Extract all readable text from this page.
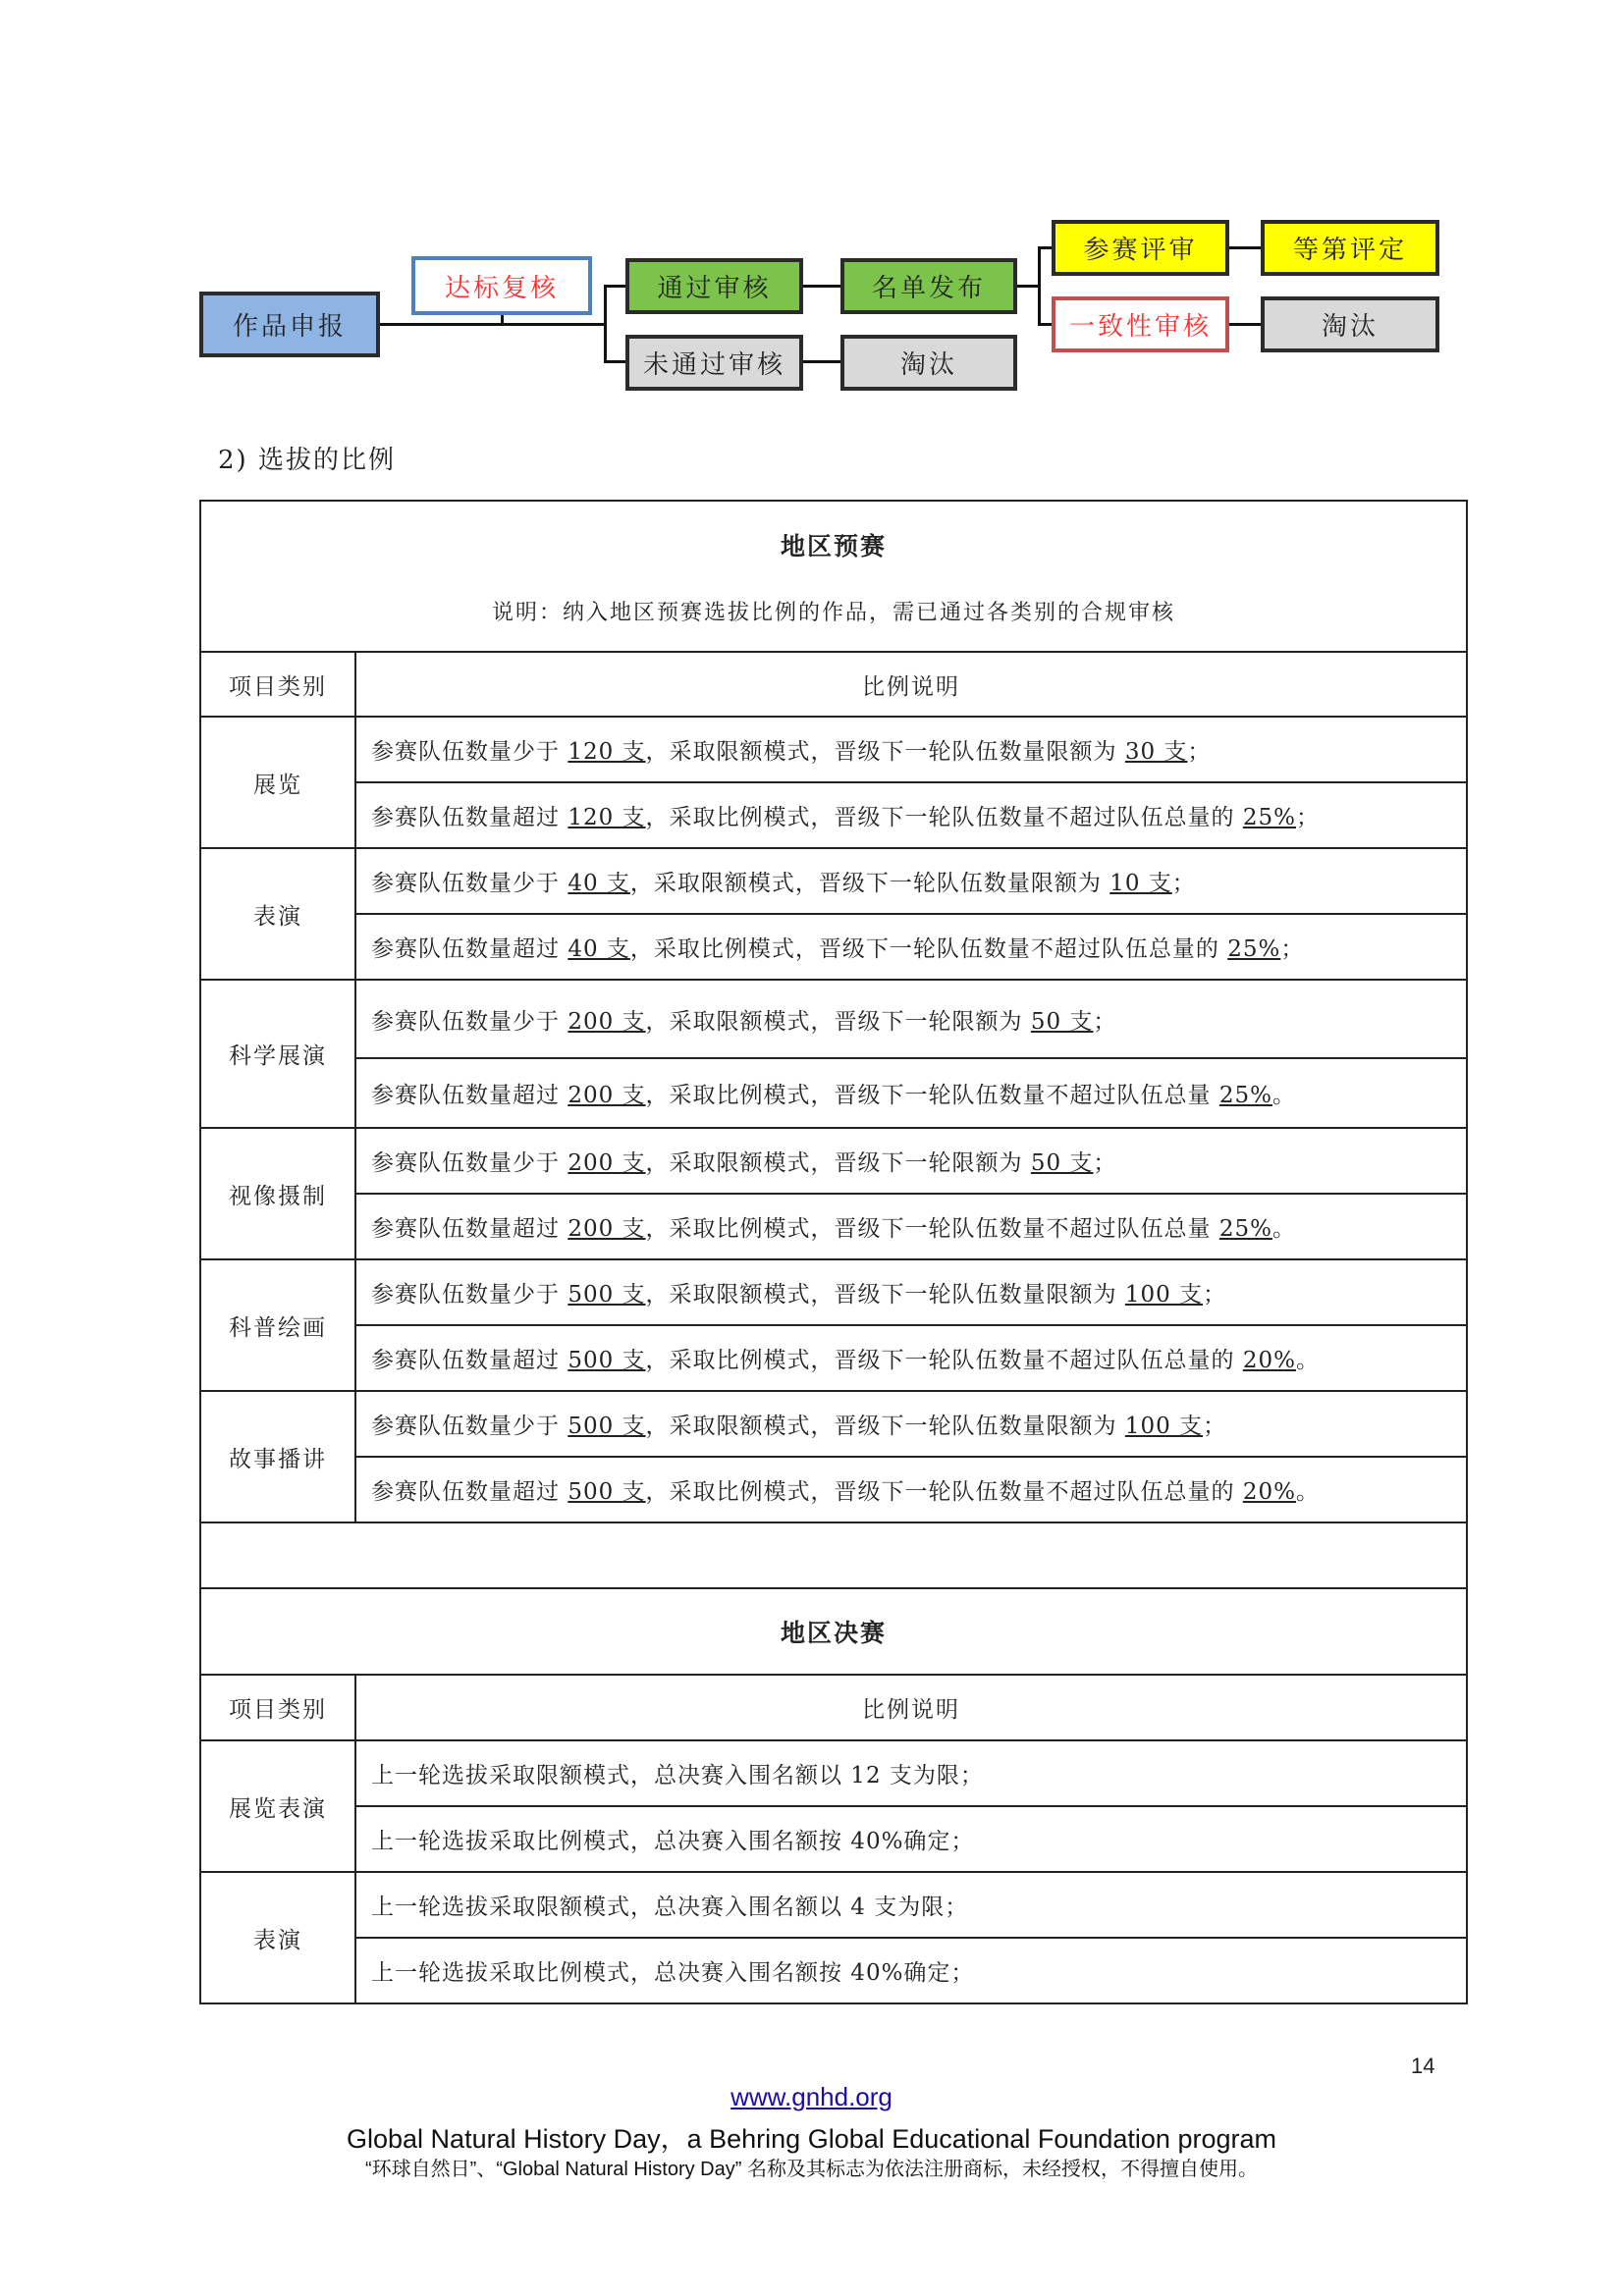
作品申报
达标复核	通过审核
未通过审核
名单发布
淘汰
参赛评审
一致性审核
等第评定
淘汰
2) 选拔的比例
地区预赛
说明：纳入地区预赛选拔比例的作品，需已通过各类别的合规审核	

项目类别	比例说明
展览	参赛队伍数量少于 120 支，采取限额模式，晋级下一轮队伍数量限额为 30 支；
	参赛队伍数量超过 120 支，采取比例模式，晋级下一轮队伍数量不超过队伍总量的 25%；
表演	参赛队伍数量少于 40 支，采取限额模式，晋级下一轮队伍数量限额为 10 支；
	参赛队伍数量超过 40 支，采取比例模式，晋级下一轮队伍数量不超过队伍总量的 25%；
科学展演	参赛队伍数量少于 200 支，采取限额模式，晋级下一轮限额为 50 支；
	参赛队伍数量超过 200 支，采取比例模式，晋级下一轮队伍数量不超过队伍总量 25%。
视像摄制	参赛队伍数量少于 200 支，采取限额模式，晋级下一轮限额为 50 支；
	参赛队伍数量超过 200 支，采取比例模式，晋级下一轮队伍数量不超过队伍总量 25%。
科普绘画	参赛队伍数量少于 500 支，采取限额模式，晋级下一轮队伍数量限额为 100 支；
	参赛队伍数量超过 500 支，采取比例模式，晋级下一轮队伍数量不超过队伍总量的 20%。
故事播讲	参赛队伍数量少于 500 支，采取限额模式，晋级下一轮队伍数量限额为 100 支；
	参赛队伍数量超过 500 支，采取比例模式，晋级下一轮队伍数量不超过队伍总量的 20%。

地区决赛	
项目类别	比例说明
展览表演	上一轮选拔采取限额模式，总决赛入围名额以 12 支为限；
	上一轮选拔采取比例模式，总决赛入围名额按 40%确定；
表演	上一轮选拔采取限额模式，总决赛入围名额以 4 支为限；
	上一轮选拔采取比例模式，总决赛入围名额按 40%确定；
14
www.gnhd.org
Global Natural History Day，a Behring Global Educational Foundation program
“环球自然日”、“Global Natural History Day” 名称及其标志为依法注册商标，未经授权，不得擅自使用。
